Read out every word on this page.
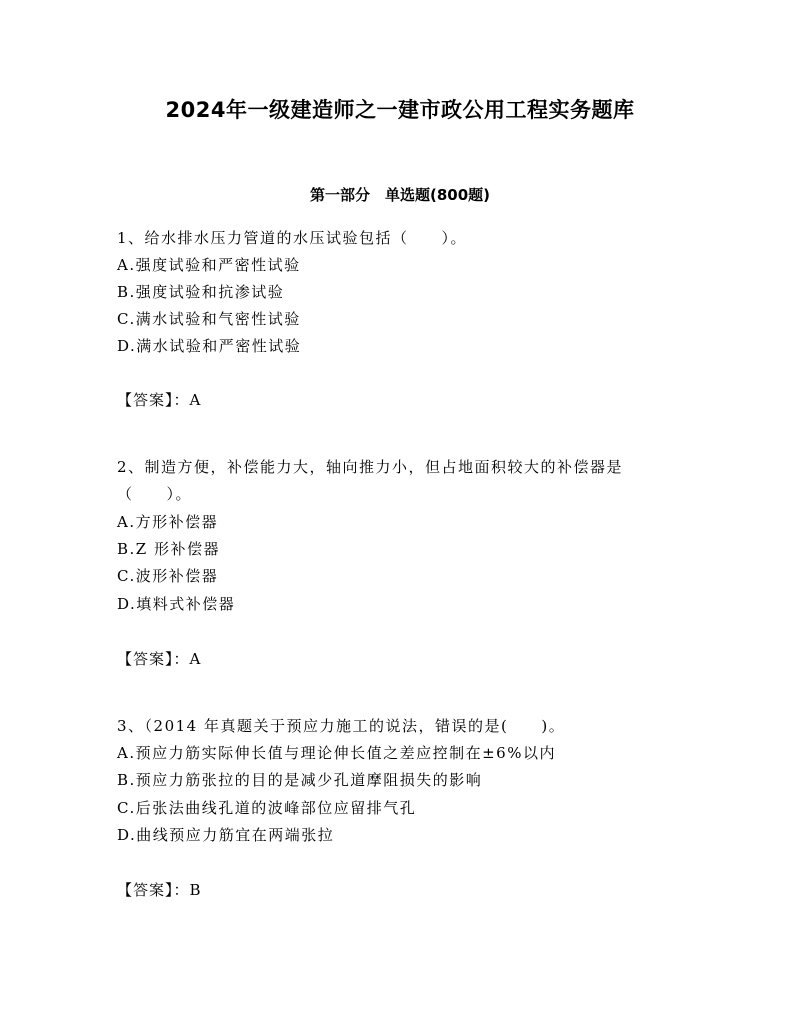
2024年一级建造师之一建市政公用工程实务题库
第一部分　单选题(800题)
1、给水排水压力管道的水压试验包括（　　）。
A.强度试验和严密性试验
B.强度试验和抗渗试验
C.满水试验和气密性试验
D.满水试验和严密性试验
【答案】：A
2、制造方便，补偿能力大，轴向推力小，但占地面积较大的补偿器是
（　　）。
A.方形补偿器
B.Z 形补偿器
C.波形补偿器
D.填料式补偿器
【答案】：A
3、（2014 年真题关于预应力施工的说法，错误的是(　　)。
A.预应力筋实际伸长值与理论伸长值之差应控制在±6%以内
B.预应力筋张拉的目的是减少孔道摩阻损失的影响
C.后张法曲线孔道的波峰部位应留排气孔
D.曲线预应力筋宜在两端张拉
【答案】：B
